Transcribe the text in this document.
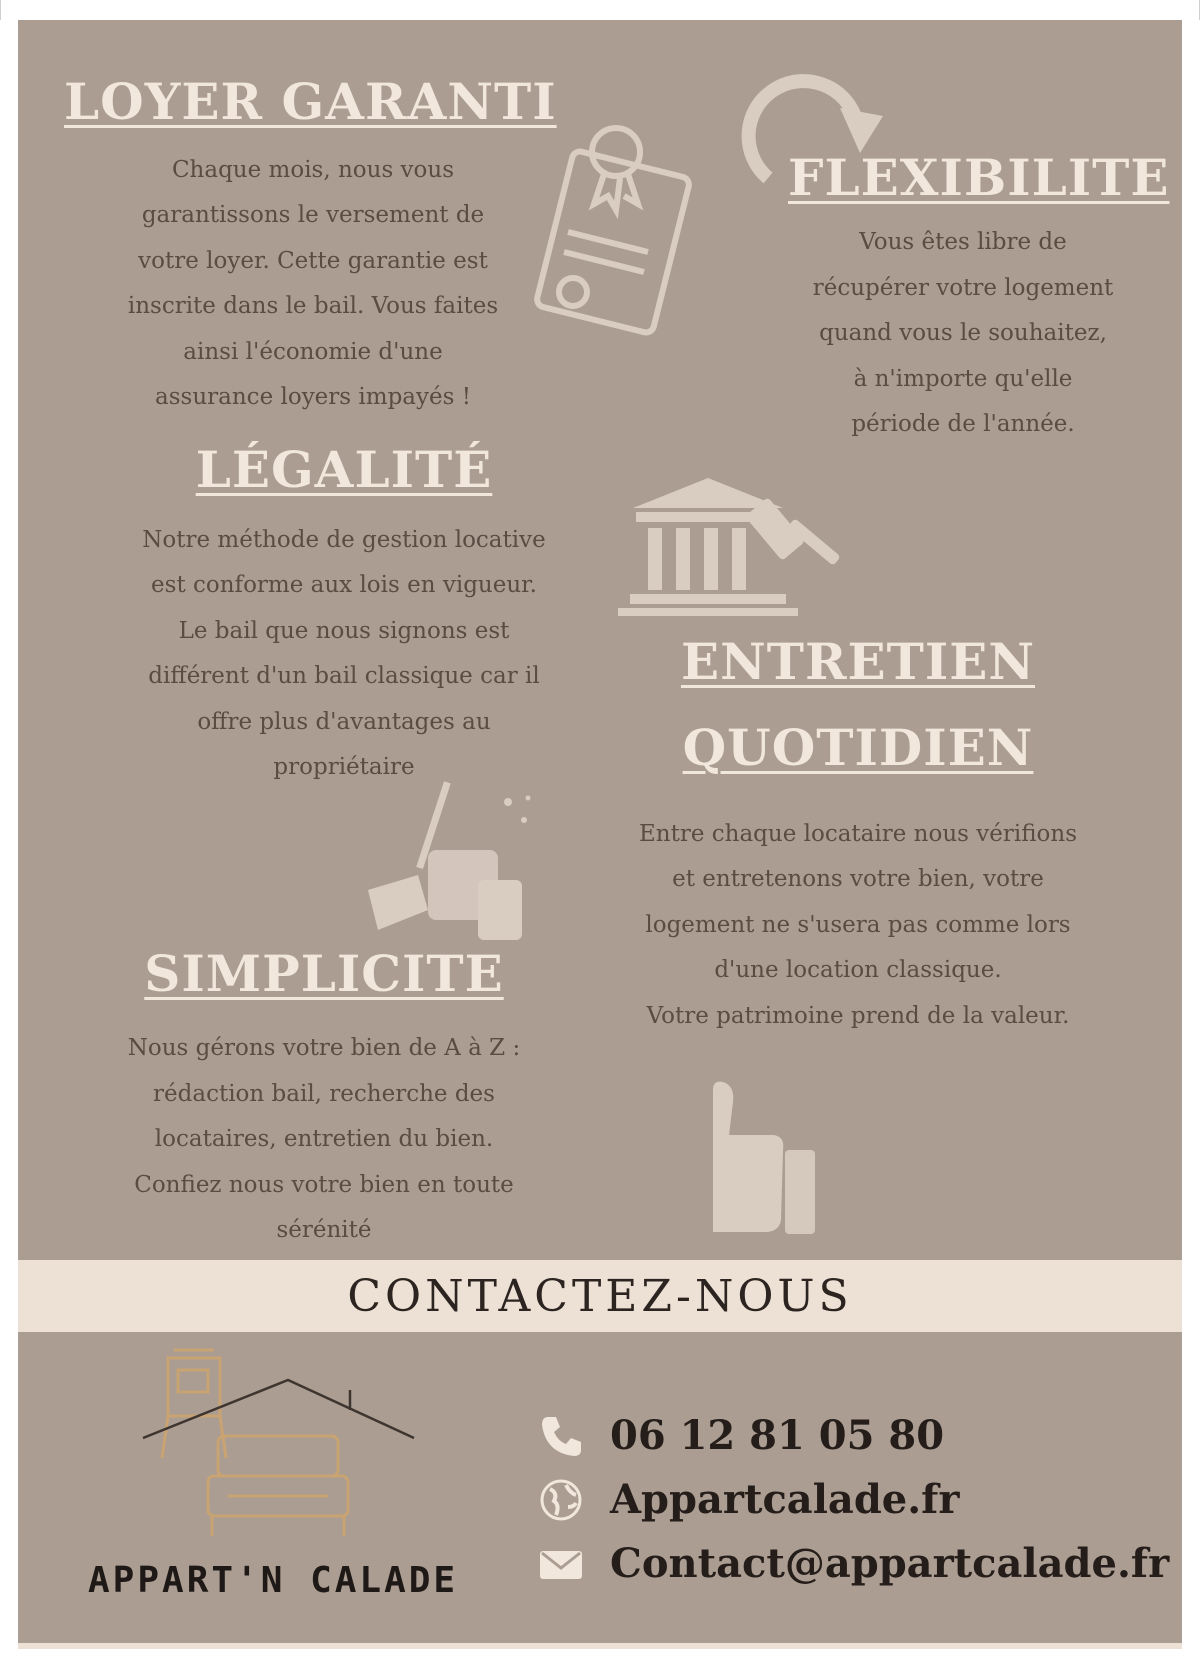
LOYER GARANTI

Chaque mois, nous vous

garantissons le versement de

votre loyer. Cette garantie est

inscrite dans le bail. Vous faites

ainsi l'économie d'une

assurance loyers impayés !

FLEXIBILITE

Vous êtes libre de

récupérer votre logement

quand vous le souhaitez,

à n'importe qu'elle

période de l'année.

LÉGALITÉ

Notre méthode de gestion locative

est conforme aux lois en vigueur.

Le bail que nous signons est

différent d'un bail classique car il

offre plus d'avantages au

propriétaire

ENTRETIEN
QUOTIDIEN

Entre chaque locataire nous vérifions

et entretenons votre bien, votre

logement ne s'usera pas comme lors

d'une location classique.

Votre patrimoine prend de la valeur.

SIMPLICITE

Nous gérons votre bien de A à Z :

rédaction bail, recherche des

locataires, entretien du bien.

Confiez nous votre bien en toute

sérénité

CONTACTEZ-NOUS
APPART'N CALADE
06 12 81 05 80
Appartcalade.fr
Contact@appartcalade.fr
